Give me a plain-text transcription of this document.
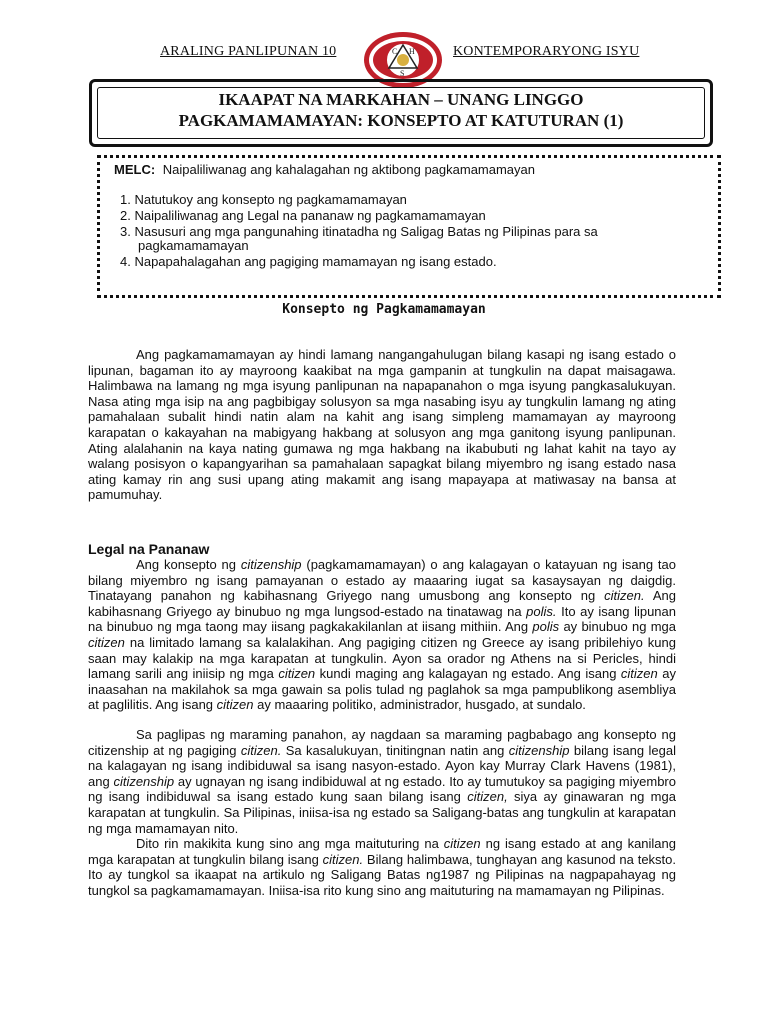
ARALING PANLIPUNAN 10	C H
S
KONTEMPORARYONG ISYU
IKAAPAT NA MARKAHAN – UNANG LINGGO
PAGKAMAMAMAYAN: KONSEPTO AT KATUTURAN (1)
MELC: Naipaliliwanag ang kahalagahan ng aktibong pagkamamamayan
1. Natutukoy ang konsepto ng pagkamamamayan
2. Naipaliliwanag ang Legal na pananaw ng pagkamamamayan
3. Nasusuri ang mga pangunahing itinatadha ng Saligag Batas ng Pilipinas para sa
pagkamamamayan
4. Napapahalagahan ang pagiging mamamayan ng isang estado.
Konsepto ng Pagkamamamayan

Ang pagkamamamayan ay hindi lamang nangangahulugan bilang kasapi ng isang estado o lipunan, bagaman ito ay mayroong kaakibat na mga gampanin at tungkulin na dapat maisagawa. Halimbawa na lamang ng mga isyung panlipunan na napapanahon o mga isyung pangkasalukuyan. Nasa ating mga isip na ang pagbibigay solusyon sa mga nasabing isyu ay tungkulin lamang ng ating pamahalaan subalit hindi natin alam na kahit ang isang simpleng mamamayan ay mayroong karapatan o kakayahan na mabigyang hakbang at solusyon ang mga ganitong isyung panlipunan. Ating alalahanin na kaya nating gumawa ng mga hakbang na ikabubuti ng lahat kahit na tayo ay walang posisyon o kapangyarihan sa pamahalaan sapagkat bilang miyembro ng isang estado nasa ating kamay rin ang susi upang ating makamit ang isang mapayapa at matiwasay na bansa at pamumuhay.

Legal na Pananaw

Ang konsepto ng citizenship (pagkamamamayan) o ang kalagayan o katayuan ng isang tao bilang miyembro ng isang pamayanan o estado ay maaaring iugat sa kasaysayan ng daigdig. Tinatayang panahon ng kabihasnang Griyego nang umusbong ang konsepto ng citizen. Ang kabihasnang Griyego ay binubuo ng mga lungsod-estado na tinatawag na polis. Ito ay isang lipunan na binubuo ng mga taong may iisang pagkakakilanlan at iisang mithiin. Ang polis ay binubuo ng mga citizen na limitado lamang sa kalalakihan. Ang pagiging citizen ng Greece ay isang pribilehiyo kung saan may kalakip na mga karapatan at tungkulin. Ayon sa orador ng Athens na si Pericles, hindi lamang sarili ang iniisip ng mga citizen kundi maging ang kalagayan ng estado. Ang isang citizen ay inaasahan na makilahok sa mga gawain sa polis tulad ng paglahok sa mga pampublikong asembliya at paglilitis. Ang isang citizen ay maaaring politiko, administrador, husgado, at sundalo.

Sa paglipas ng maraming panahon, ay nagdaan sa maraming pagbabago ang konsepto ng citizenship at ng pagiging citizen. Sa kasalukuyan, tinitingnan natin ang citizenship bilang isang legal na kalagayan ng isang indibiduwal sa isang nasyon-estado. Ayon kay Murray Clark Havens (1981), ang citizenship ay ugnayan ng isang indibiduwal at ng estado. Ito ay tumutukoy sa pagiging miyembro ng isang indibiduwal sa isang estado kung saan bilang isang citizen, siya ay ginawaran ng mga karapatan at tungkulin. Sa Pilipinas, iniisa-isa ng estado sa Saligang-batas ang tungkulin at karapatan ng mga mamamayan nito.

Dito rin makikita kung sino ang mga maituturing na citizen ng isang estado at ang kanilang mga karapatan at tungkulin bilang isang citizen. Bilang halimbawa, tunghayan ang kasunod na teksto. Ito ay tungkol sa ikaapat na artikulo ng Saligang Batas ng1987 ng Pilipinas na nagpapahayag ng tungkol sa pagkamamamayan. Iniisa-isa rito kung sino ang maituturing na mamamayan ng Pilipinas.
